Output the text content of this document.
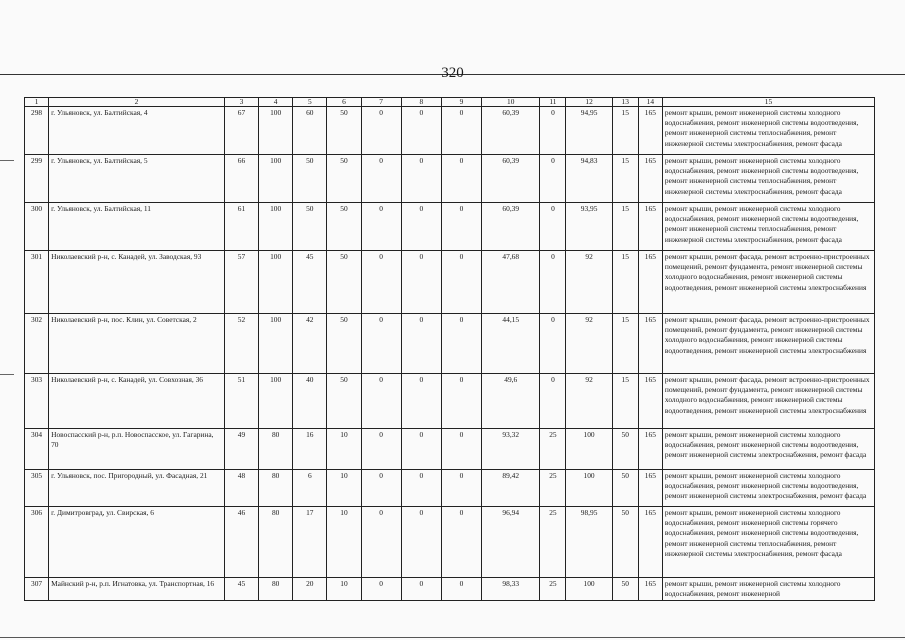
320
1	2	3	4	5	6	7	8	9	10	11	12	13	14	15
298	г. Ульяновск, ул. Балтийская, 4	67	100	60	50	0	0	0	60,39	0	94,95	15	165	ремонт крыши, ремонт инженерной системы холодного водоснабжения, ремонт инженерной системы водоотведения, ремонт инженерной системы теплоснабжения, ремонт инженерной системы электроснабжения, ремонт фасада
299	г. Ульяновск, ул. Балтийская, 5	66	100	50	50	0	0	0	60,39	0	94,83	15	165	ремонт крыши, ремонт инженерной системы холодного водоснабжения, ремонт инженерной системы водоотведения, ремонт инженерной системы теплоснабжения, ремонт инженерной системы электроснабжения, ремонт фасада
300	г. Ульяновск, ул. Балтийская, 11	61	100	50	50	0	0	0	60,39	0	93,95	15	165	ремонт крыши, ремонт инженерной системы холодного водоснабжения, ремонт инженерной системы водоотведения, ремонт инженерной системы теплоснабжения, ремонт инженерной системы электроснабжения, ремонт фасада
301	Николаевский р-н, с. Канадей, ул. Заводская, 93	57	100	45	50	0	0	0	47,68	0	92	15	165	ремонт крыши, ремонт фасада, ремонт встроенно-пристроенных помещений, ремонт фундамента, ремонт инженерной системы холодного водоснабжения, ремонт инженерной системы водоотведения, ремонт инженерной системы электроснабжения
302	Николаевский р-н, пос. Клин, ул. Советская, 2	52	100	42	50	0	0	0	44,15	0	92	15	165	ремонт крыши, ремонт фасада, ремонт встроенно-пристроенных помещений, ремонт фундамента, ремонт инженерной системы холодного водоснабжения, ремонт инженерной системы водоотведения, ремонт инженерной системы электроснабжения
303	Николаевский р-н, с. Канадей, ул. Совхозная, 36	51	100	40	50	0	0	0	49,6	0	92	15	165	ремонт крыши, ремонт фасада, ремонт встроенно-пристроенных помещений, ремонт фундамента, ремонт инженерной системы холодного водоснабжения, ремонт инженерной системы водоотведения, ремонт инженерной системы электроснабжения
304	Новоспасский р-н, р.п. Новоспасское, ул. Гагарина, 70	49	80	16	10	0	0	0	93,32	25	100	50	165	ремонт крыши, ремонт инженерной системы холодного водоснабжения, ремонт инженерной системы водоотведения, ремонт инженерной системы электроснабжения, ремонт фасада
305	г. Ульяновск, пос. Пригородный, ул. Фасадная, 21	48	80	6	10	0	0	0	89,42	25	100	50	165	ремонт крыши, ремонт инженерной системы холодного водоснабжения, ремонт инженерной системы водоотведения, ремонт инженерной системы электроснабжения, ремонт фасада
306	г. Димитровград, ул. Свирская, 6	46	80	17	10	0	0	0	96,94	25	98,95	50	165	ремонт крыши, ремонт инженерной системы холодного водоснабжения, ремонт инженерной системы горячего водоснабжения, ремонт инженерной системы водоотведения, ремонт инженерной системы теплоснабжения, ремонт инженерной системы электроснабжения, ремонт фасада
307	Майнский р-н, р.п. Игнатовка, ул. Транспортная, 16	45	80	20	10	0	0	0	98,33	25	100	50	165	ремонт крыши, ремонт инженерной системы холодного водоснабжения, ремонт инженерной
